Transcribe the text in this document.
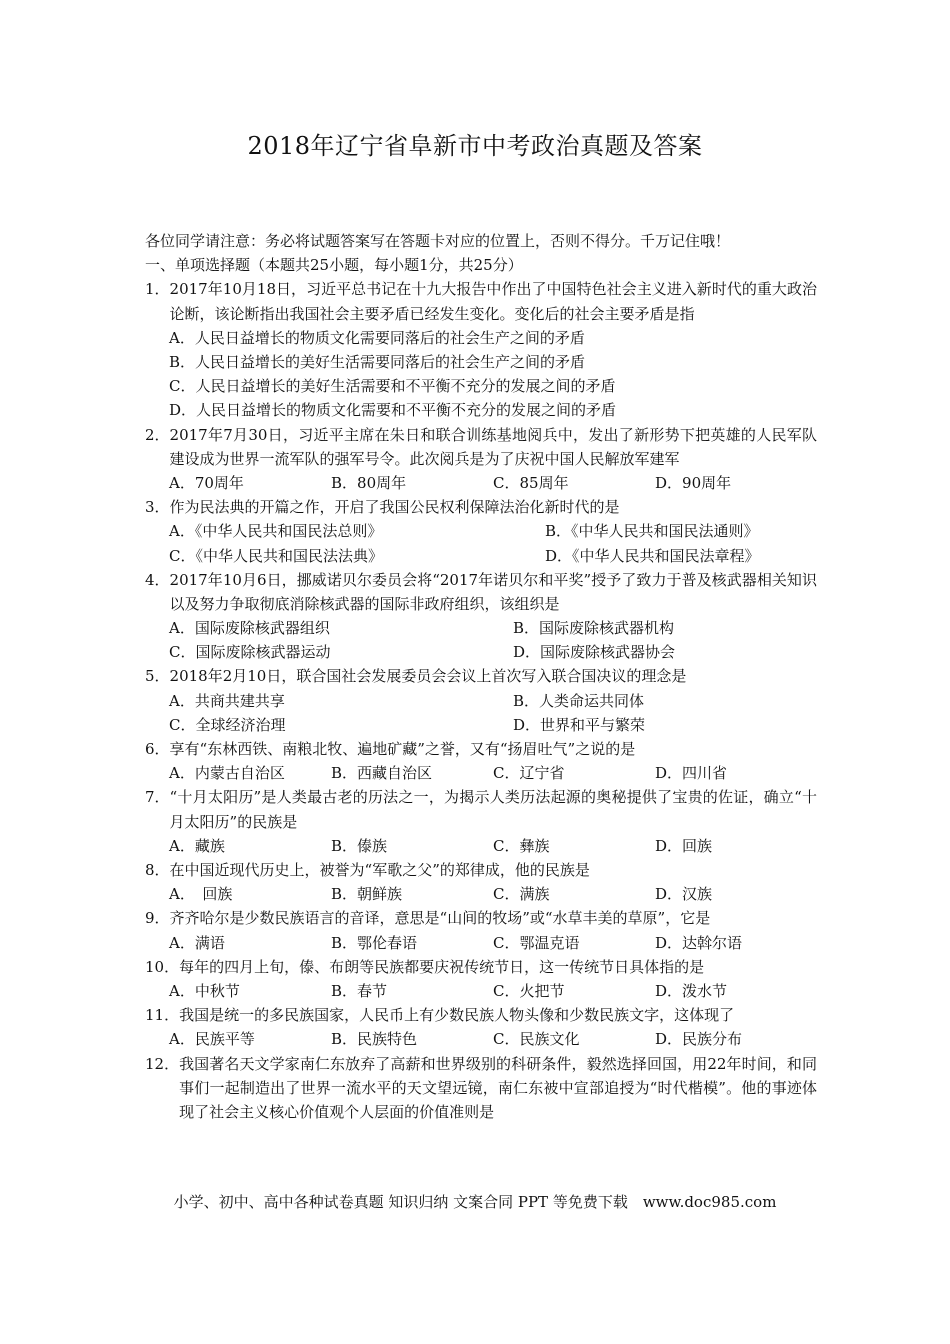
2018年辽宁省阜新市中考政治真题及答案
各位同学请注意：务必将试题答案写在答题卡对应的位置上，否则不得分。千万记住哦！
一、单项选择题（本题共25小题，每小题1分，共25分）
1． 2017年10月18日，习近平总书记在十九大报告中作出了中国特色社会主义进入新时代的重大政治论断，该论断指出我国社会主要矛盾已经发生变化。变化后的社会主要矛盾是指
A．人民日益增长的物质文化需要同落后的社会生产之间的矛盾
B．人民日益增长的美好生活需要同落后的社会生产之间的矛盾
C．人民日益增长的美好生活需要和不平衡不充分的发展之间的矛盾
D．人民日益增长的物质文化需要和不平衡不充分的发展之间的矛盾
2． 2017年7月30日，习近平主席在朱日和联合训练基地阅兵中，发出了新形势下把英雄的人民军队建设成为世界一流军队的强军号令。此次阅兵是为了庆祝中国人民解放军建军
A．70周年	B．80周年	C．85周年	D．90周年
3． 作为民法典的开篇之作，开启了我国公民权利保障法治化新时代的是
A．《中华人民共和国民法总则》	B．《中华人民共和国民法通则》
C．《中华人民共和国民法法典》	D．《中华人民共和国民法章程》
4． 2017年10月6日，挪威诺贝尔委员会将“2017年诺贝尔和平奖”授予了致力于普及核武器相关知识以及努力争取彻底消除核武器的国际非政府组织，该组织是
A．国际废除核武器组织	B．国际废除核武器机构
C．国际废除核武器运动	D．国际废除核武器协会
5． 2018年2月10日，联合国社会发展委员会会议上首次写入联合国决议的理念是
A．共商共建共享	B．人类命运共同体
C．全球经济治理	D．世界和平与繁荣
6． 享有“东林西铁、南粮北牧、遍地矿藏”之誉，又有“扬眉吐气”之说的是
A．内蒙古自治区	B．西藏自治区	C．辽宁省	D．四川省
7． “十月太阳历”是人类最古老的历法之一，为揭示人类历法起源的奥秘提供了宝贵的佐证，确立“十月太阳历”的民族是
A．藏族	B．傣族	C．彝族	D．回族
8． 在中国近现代历史上，被誉为“军歌之父”的郑律成，他的民族是
A．　回族	B．朝鲜族	C．满族	D．汉族
9． 齐齐哈尔是少数民族语言的音译，意思是“山间的牧场”或“水草丰美的草原”，它是
A．满语	B．鄂伦春语	C．鄂温克语	D．达斡尔语
10． 每年的四月上旬，傣、布朗等民族都要庆祝传统节日，这一传统节日具体指的是
A．中秋节	B．春节	C．火把节	D．泼水节
11． 我国是统一的多民族国家，人民币上有少数民族人物头像和少数民族文字，这体现了
A．民族平等	B．民族特色	C．民族文化	D．民族分布
12． 我国著名天文学家南仁东放弃了高薪和世界级别的科研条件，毅然选择回国，用22年时间，和同事们一起制造出了世界一流水平的天文望远镜，南仁东被中宣部追授为“时代楷模”。他的事迹体现了社会主义核心价值观个人层面的价值准则是
小学、初中、高中各种试卷真题 知识归纳 文案合同 PPT 等免费下载　www.doc985.com
